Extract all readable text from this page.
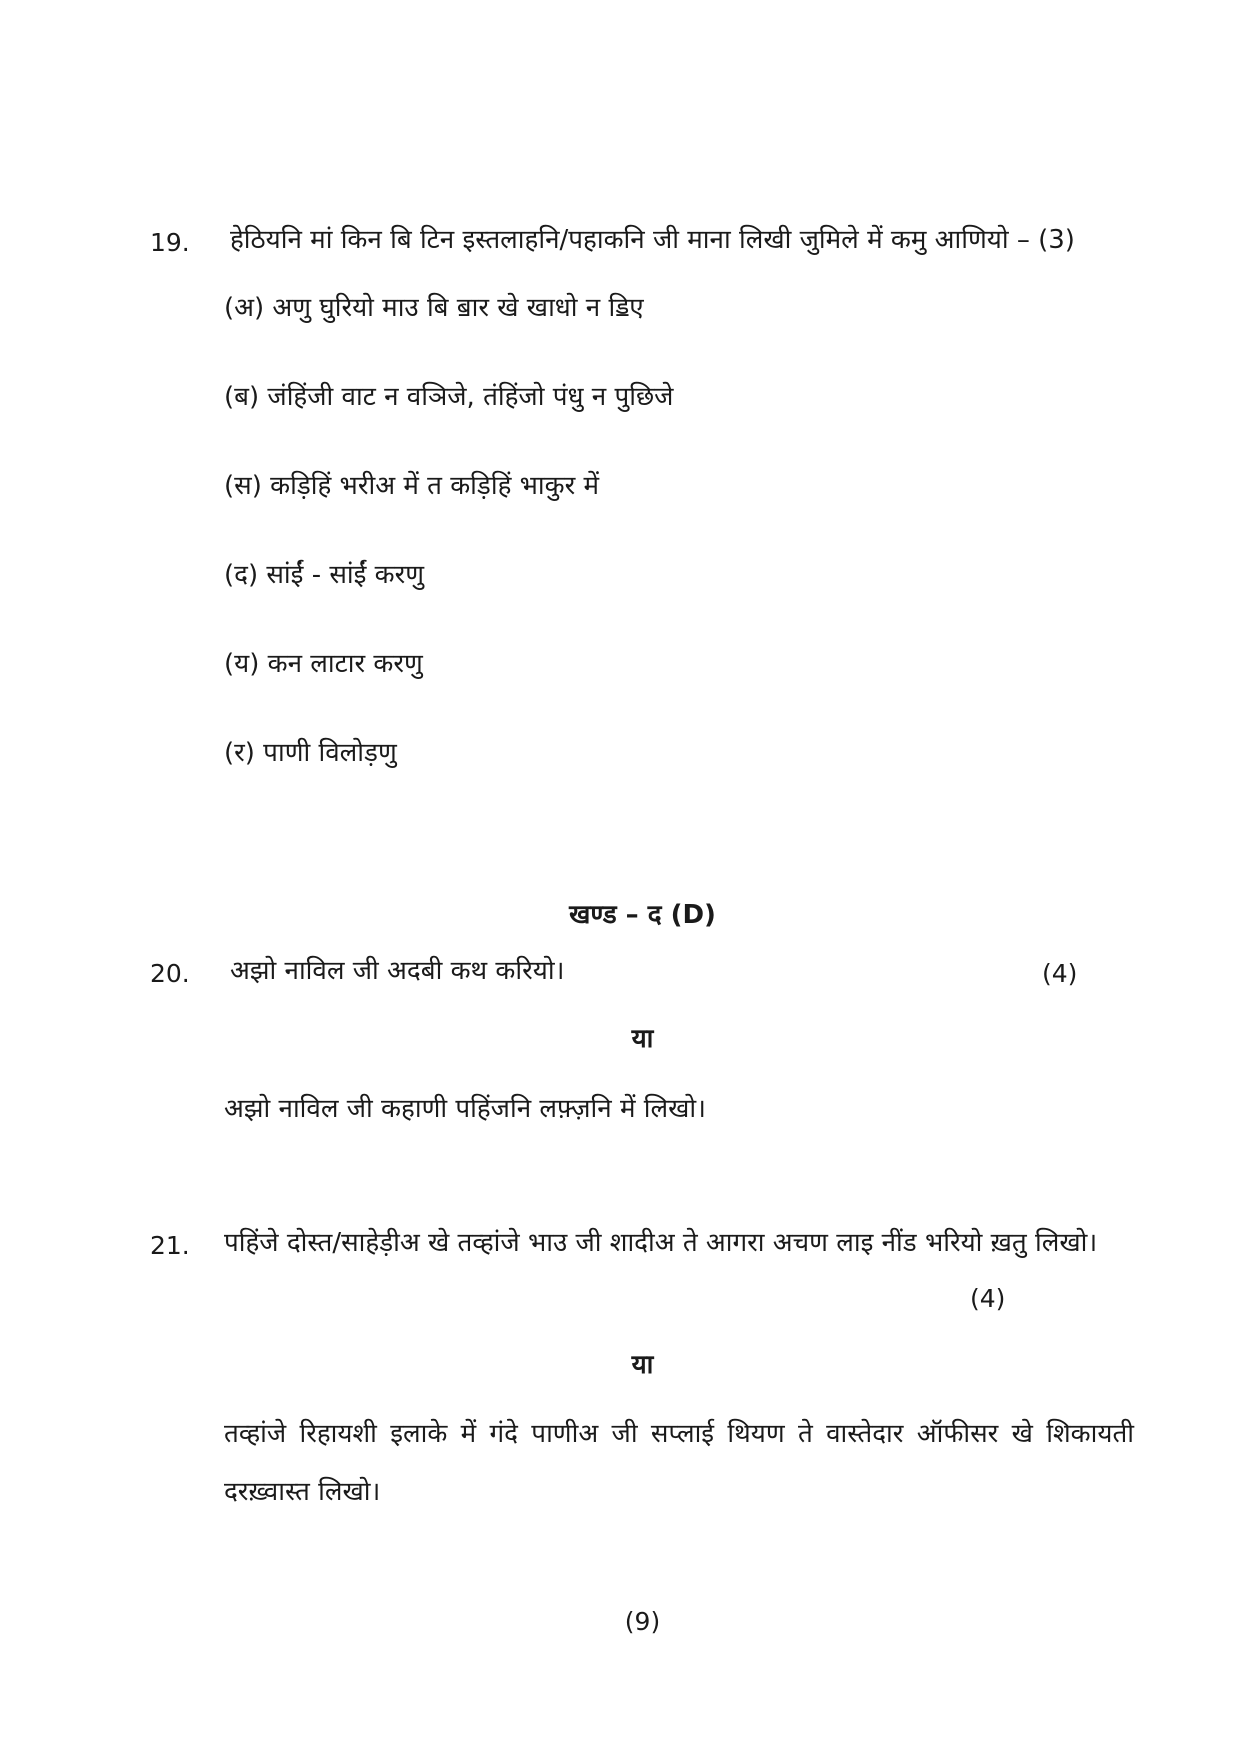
19. हेठियनि मां किन बि टिन इस्तलाहनि/पहाकनि जी माना लिखी जुमिले में कमु आणियो – (3)
(अ) अणु घुरियो माउ बि ॿार खे खाधो न ॾिए
(ब) जंहिंजी वाट न वञिजे, तंहिंजो पंधु न पुछिजे
(स) कड़िहिं भरीअ में त कड़िहिं भाकुर में
(द) सांईं - सांईं करणु
(य) कन लाटार करणु
(र) पाणी विलोड़णु
खण्ड – द (D)
20. अझो नाविल जी अदबी कथ करियो।	(4)
या
अझो नाविल जी कहाणी पहिंजनि लफ़्ज़नि में लिखो।
21. पहिंजे दोस्त/साहेड़ीअ खे तव्हांजे भाउ जी शादीअ ते आगरा अचण लाइ नींड भरियो ख़तु लिखो।
(4)
या
तव्हांजे रिहायशी इलाके में गंदे पाणीअ जी सप्लाई थियण ते वास्तेदार ऑफीसर खे शिकायती दरख़्वास्त लिखो।
(9)
